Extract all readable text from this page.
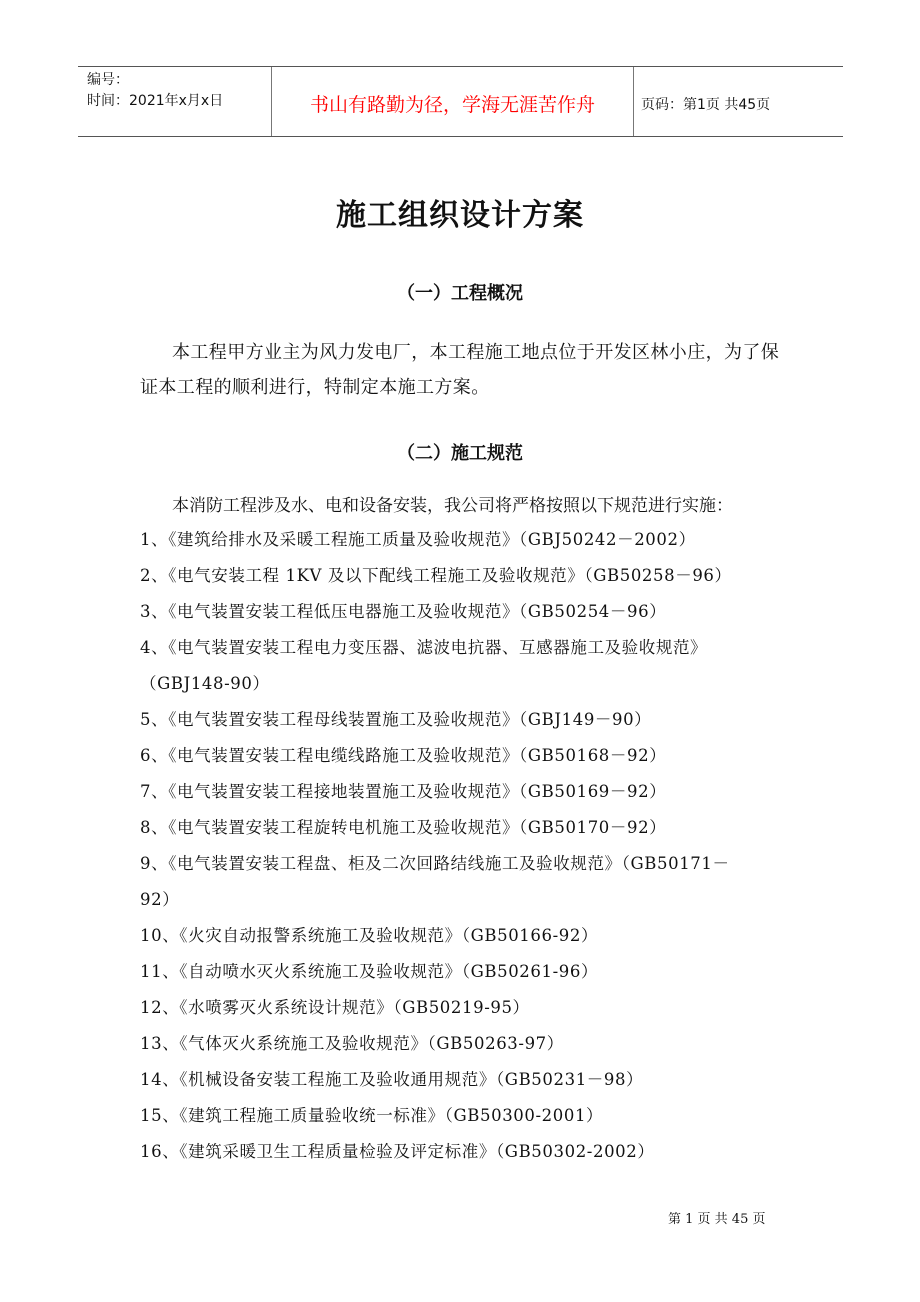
编号：
时间：2021年x月x日	书山有路勤为径，学海无涯苦作舟	页码：第1页 共45页
施工组织设计方案
（一）工程概况
本工程甲方业主为风力发电厂，本工程施工地点位于开发区林小庄，为了保证本工程的顺利进行，特制定本施工方案。
（二）施工规范
本消防工程涉及水、电和设备安装，我公司将严格按照以下规范进行实施：
1、《建筑给排水及采暖工程施工质量及验收规范》（GBJ50242－2002）
2、《电气安装工程 1KV 及以下配线工程施工及验收规范》（GB50258－96）
3、《电气装置安装工程低压电器施工及验收规范》（GB50254－96）
4、《电气装置安装工程电力变压器、滤波电抗器、互感器施工及验收规范》
（GBJ148-90）
5、《电气装置安装工程母线装置施工及验收规范》（GBJ149－90）
6、《电气装置安装工程电缆线路施工及验收规范》（GB50168－92）
7、《电气装置安装工程接地装置施工及验收规范》（GB50169－92）
8、《电气装置安装工程旋转电机施工及验收规范》（GB50170－92）
9、《电气装置安装工程盘、柜及二次回路结线施工及验收规范》（GB50171－
92）
10、《火灾自动报警系统施工及验收规范》（GB50166-92）
11、《自动喷水灭火系统施工及验收规范》（GB50261-96）
12、《水喷雾灭火系统设计规范》（GB50219-95）
13、《气体灭火系统施工及验收规范》（GB50263-97）
14、《机械设备安装工程施工及验收通用规范》（GB50231－98）
15、《建筑工程施工质量验收统一标准》（GB50300-2001）
16、《建筑采暖卫生工程质量检验及评定标准》（GB50302-2002）
第 1 页 共 45 页
